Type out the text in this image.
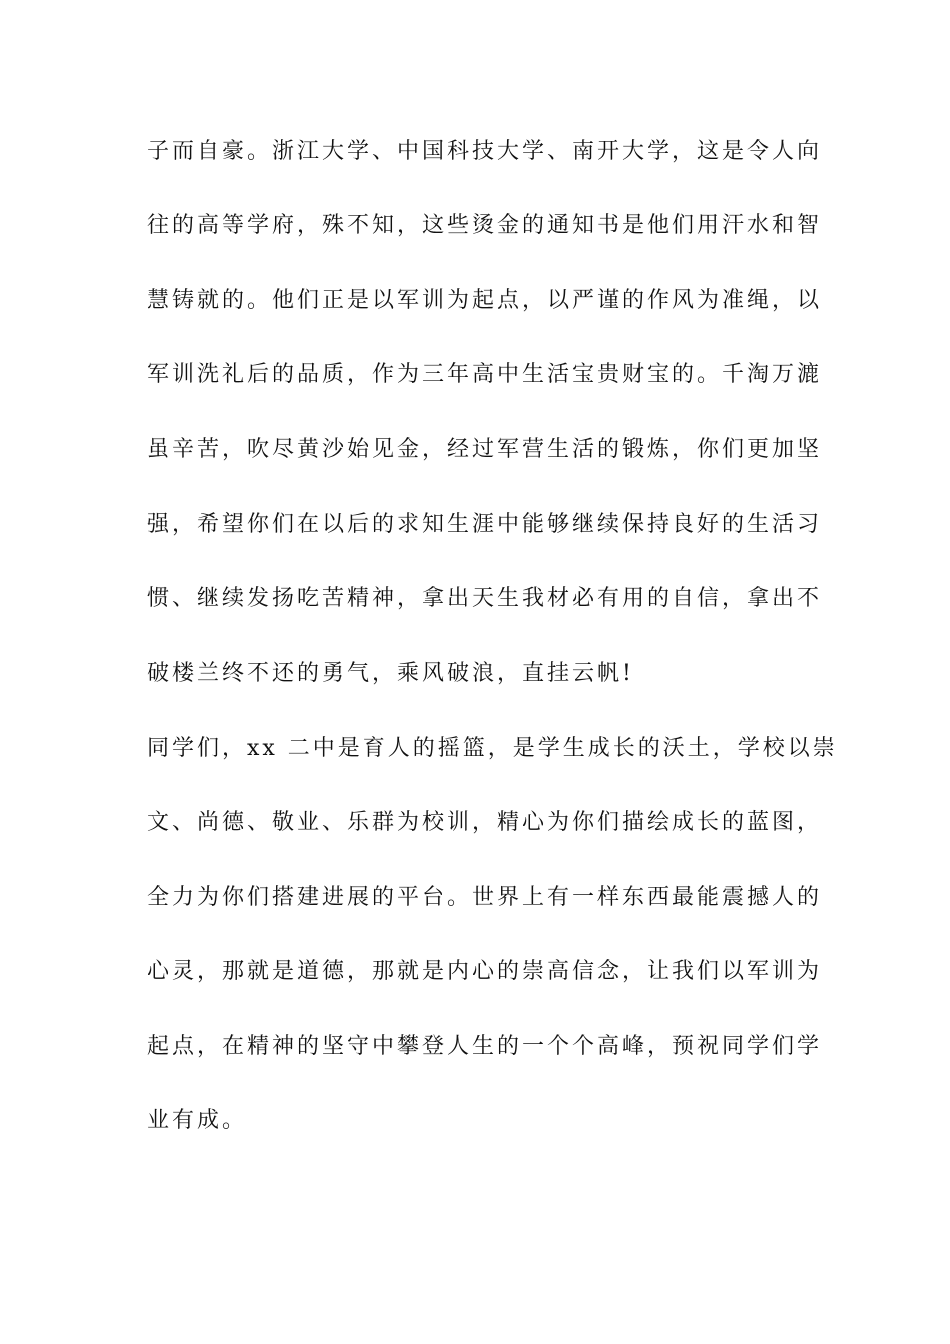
子而自豪。浙江大学、中国科技大学、南开大学，这是令人向
往的高等学府，殊不知，这些烫金的通知书是他们用汗水和智
慧铸就的。他们正是以军训为起点，以严谨的作风为准绳，以
军训洗礼后的品质，作为三年高中生活宝贵财宝的。千淘万漉
虽辛苦，吹尽黄沙始见金，经过军营生活的锻炼，你们更加坚
强，希望你们在以后的求知生涯中能够继续保持良好的生活习
惯、继续发扬吃苦精神，拿出天生我材必有用的自信，拿出不
破楼兰终不还的勇气，乘风破浪，直挂云帆!
同学们，xx 二中是育人的摇篮，是学生成长的沃土，学校以崇
文、尚德、敬业、乐群为校训，精心为你们描绘成长的蓝图，
全力为你们搭建进展的平台。世界上有一样东西最能震撼人的
心灵，那就是道德，那就是内心的崇高信念，让我们以军训为
起点，在精神的坚守中攀登人生的一个个高峰，预祝同学们学
业有成。
